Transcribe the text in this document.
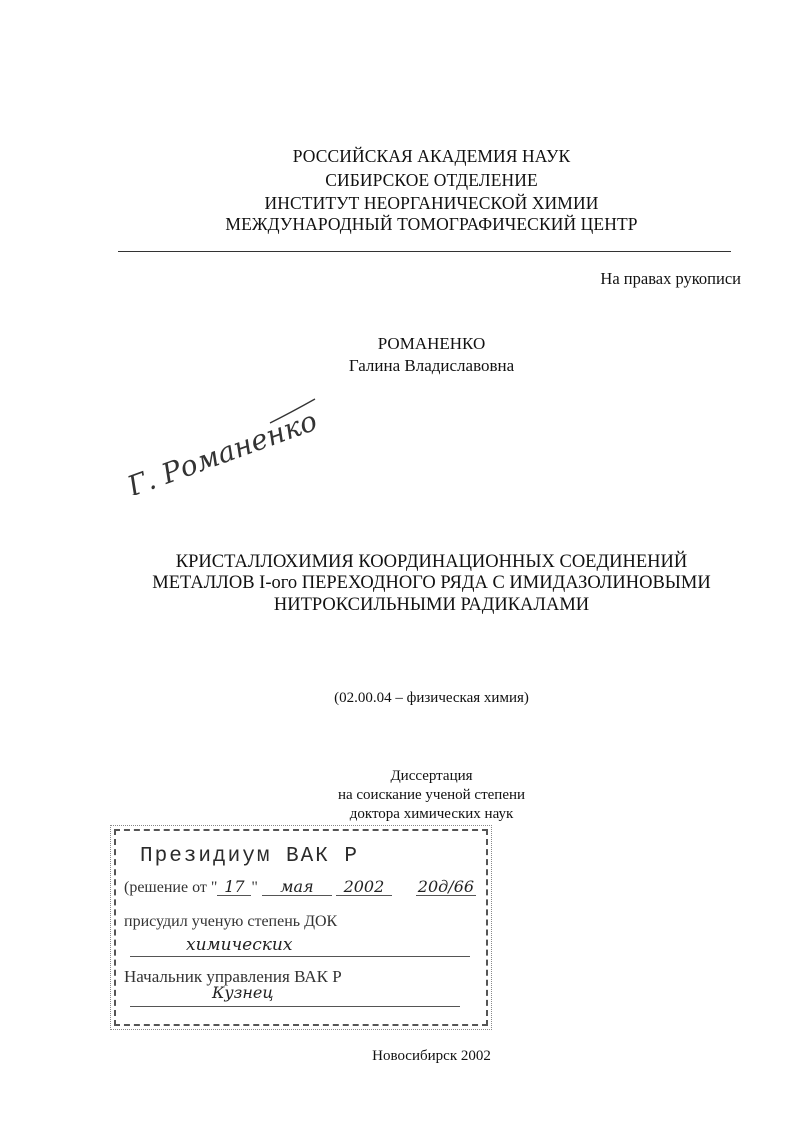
РОССИЙСКАЯ АКАДЕМИЯ НАУК
СИБИРСКОЕ ОТДЕЛЕНИЕ
ИНСТИТУТ НЕОРГАНИЧЕСКОЙ ХИМИИ
МЕЖДУНАРОДНЫЙ ТОМОГРАФИЧЕСКИЙ ЦЕНТР
На правах рукописи
РОМАНЕНКО
Галина Владиславовна
Г. Романенко
КРИСТАЛЛОХИМИЯ КООРДИНАЦИОННЫХ СОЕДИНЕНИЙ
МЕТАЛЛОВ I-ого ПЕРЕХОДНОГО РЯДА С ИМИДАЗОЛИНОВЫМИ
НИТРОКСИЛЬНЫМИ РАДИКАЛАМИ
(02.00.04 – физическая химия)
Диссертация
на соискание ученой степени
доктора химических наук
Президиум ВАК Р
(решение от " 17 " мая 2002 20д/66
присудил ученую степень ДОК
химических
Начальник управления ВАК Р
Кузнец
Новосибирск 2002
